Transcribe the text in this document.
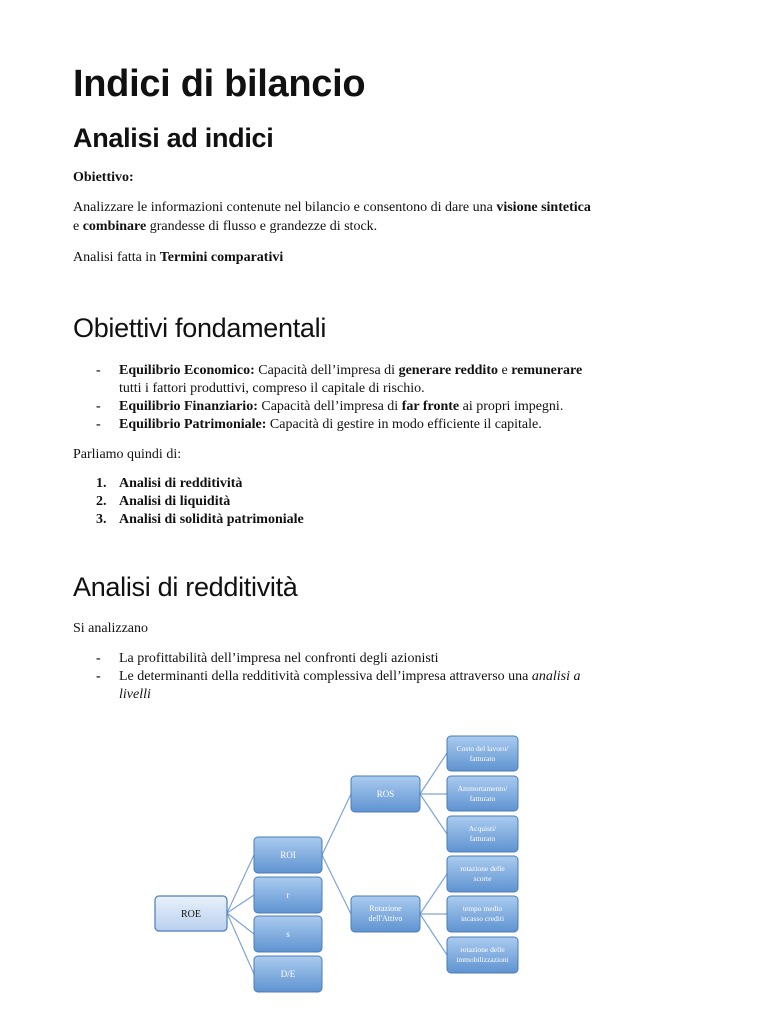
Indici di bilancio
Analisi ad indici

Obiettivo:

Analizzare le informazioni contenute nel bilancio e consentono di dare una visione sintetica
e combinare grandesse di flusso e grandezze di stock.

Analisi fatta in Termini comparativi

Obiettivi fondamentali
- Equilibrio Economico: Capacità dell’impresa di generare reddito e remunerare
tutti i fattori produttivi, compreso il capitale di rischio.
- Equilibrio Finanziario: Capacità dell’impresa di far fronte ai propri impegni.
- Equilibrio Patrimoniale: Capacità di gestire in modo efficiente il capitale.

Parliamo quindi di:

1. Analisi di redditività
2. Analisi di liquidità
3. Analisi di solidità patrimoniale
Analisi di redditività

Si analizzano

- La profittabilità dell’impresa nel confronti degli azionisti
- Le determinanti della redditività complessiva dell’impresa attraverso una analisi a
livelli
ROE
ROI
r
s
D/E
ROS
Rotazione
dell'Attivo
Costo del lavoro/
fatturato
Ammortamento/
fatturato
Acquisti/
fatturato
rotazione delle
scorte
tempo medio
incasso crediti
rotazione delle
immobilizzazioni
